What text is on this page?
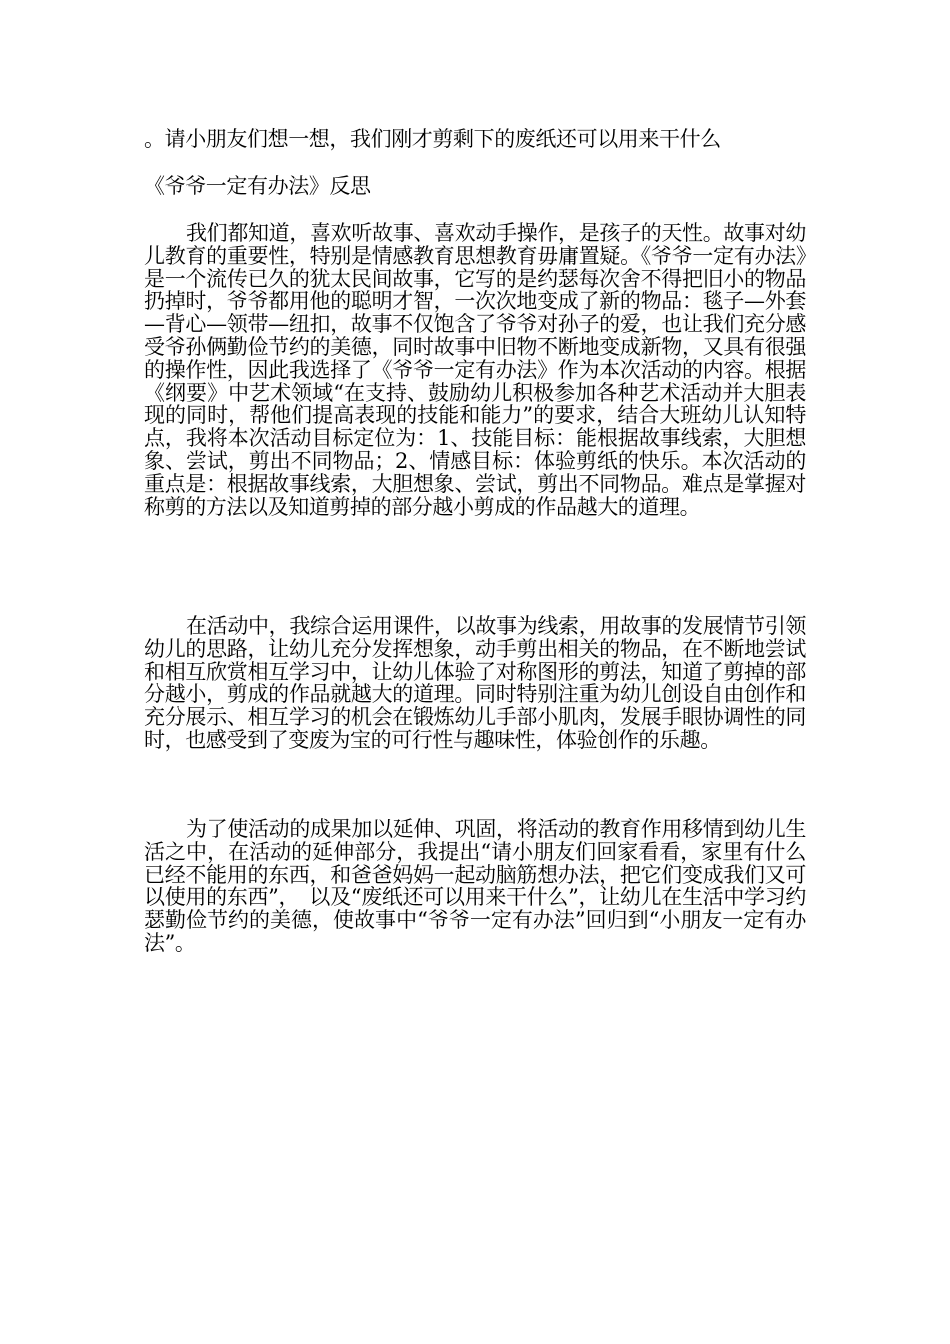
。请小朋友们想一想，我们刚才剪剩下的废纸还可以用来干什么

《爷爷一定有办法》反思

我们都知道，喜欢听故事、喜欢动手操作，是孩子的天性。故事对幼儿教育的重要性，特别是情感教育思想教育毋庸置疑。《爷爷一定有办法》是一个流传已久的犹太民间故事，它写的是约瑟每次舍不得把旧小的物品扔掉时，爷爷都用他的聪明才智，一次次地变成了新的物品：毯子—外套—背心—领带—纽扣，故事不仅饱含了爷爷对孙子的爱，也让我们充分感受爷孙俩勤俭节约的美德，同时故事中旧物不断地变成新物，又具有很强的操作性，因此我选择了《爷爷一定有办法》作为本次活动的内容。根据《纲要》中艺术领域“在支持、鼓励幼儿积极参加各种艺术活动并大胆表现的同时，帮他们提高表现的技能和能力”的要求，结合大班幼儿认知特点，我将本次活动目标定位为：1、技能目标：能根据故事线索，大胆想象、尝试，剪出不同物品；2、情感目标：体验剪纸的快乐。本次活动的重点是：根据故事线索，大胆想象、尝试，剪出不同物品。难点是掌握对称剪的方法以及知道剪掉的部分越小剪成的作品越大的道理。

在活动中，我综合运用课件，以故事为线索，用故事的发展情节引领幼儿的思路，让幼儿充分发挥想象，动手剪出相关的物品，在不断地尝试和相互欣赏相互学习中，让幼儿体验了对称图形的剪法，知道了剪掉的部分越小，剪成的作品就越大的道理。同时特别注重为幼儿创设自由创作和充分展示、相互学习的机会在锻炼幼儿手部小肌肉，发展手眼协调性的同时，也感受到了变废为宝的可行性与趣味性，体验创作的乐趣。

为了使活动的成果加以延伸、巩固，将活动的教育作用移情到幼儿生活之中，在活动的延伸部分，我提出“请小朋友们回家看看，家里有什么已经不能用的东西，和爸爸妈妈一起动脑筋想办法，把它们变成我们又可以使用的东西”，　以及“废纸还可以用来干什么”，让幼儿在生活中学习约瑟勤俭节约的美德，使故事中“爷爷一定有办法”回归到“小朋友一定有办法”。
